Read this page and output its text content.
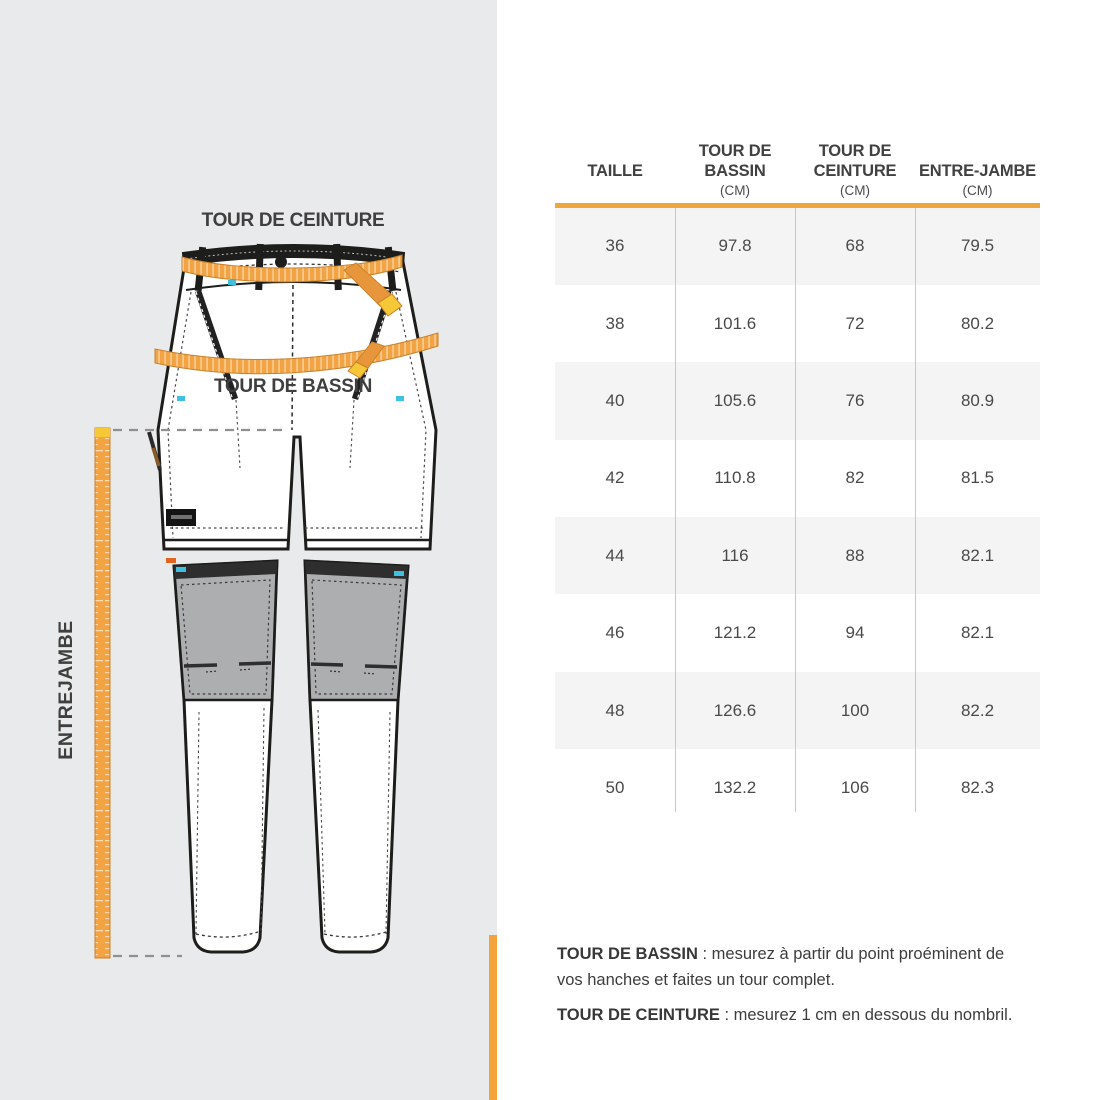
TOUR DE CEINTURE
TOUR DE BASSIN
ENTREJAMBE
TAILLE
TOUR DE BASSIN
(CM)
TOUR DE CEINTURE
(CM)
ENTRE-JAMBE
(CM)
36	97.8	68	79.5
38	101.6	72	80.2
40	105.6	76	80.9
42	110.8	82	81.5
44	116	88	82.1
46	121.2	94	82.1
48	126.6	100	82.2
50	132.2	106	82.3

TOUR DE BASSIN : mesurez à partir du point proéminent de vos hanches et faites un tour complet.

TOUR DE CEINTURE : mesurez 1 cm en dessous du nombril.
